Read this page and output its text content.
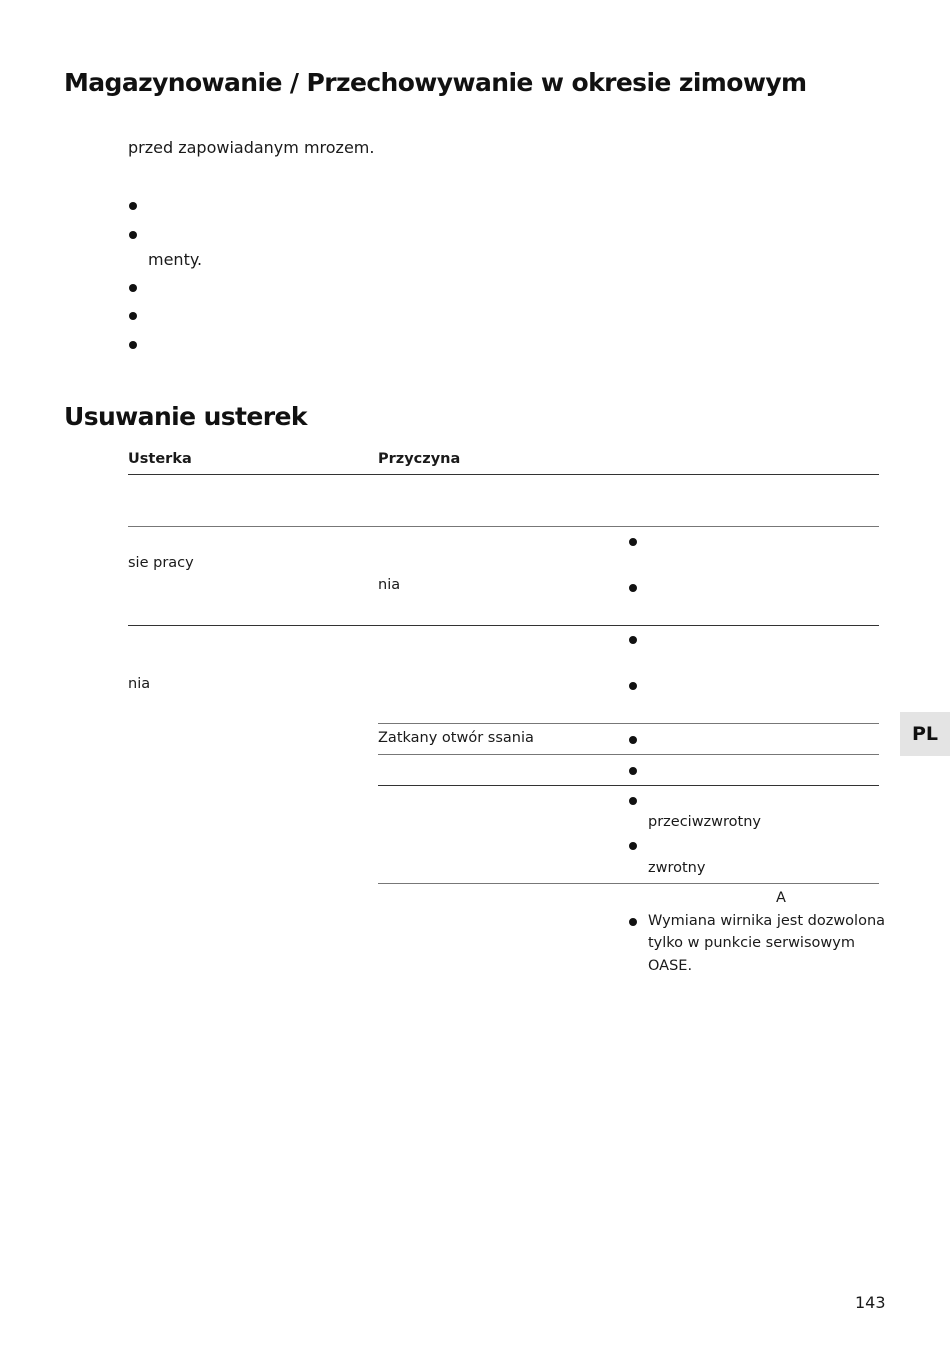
Magazynowanie / Przechowywanie w okresie zimowym
przed zapowiadanym mrozem.
menty.
Usuwanie usterek
Usterka	Przyczyna
sie pracy
nia
nia
Zatkany otwór ssania
przeciwzwrotny
zwrotny
A
Wymiana wirnika jest dozwolona
tylko w punkcie serwisowym
OASE.
PL
143
